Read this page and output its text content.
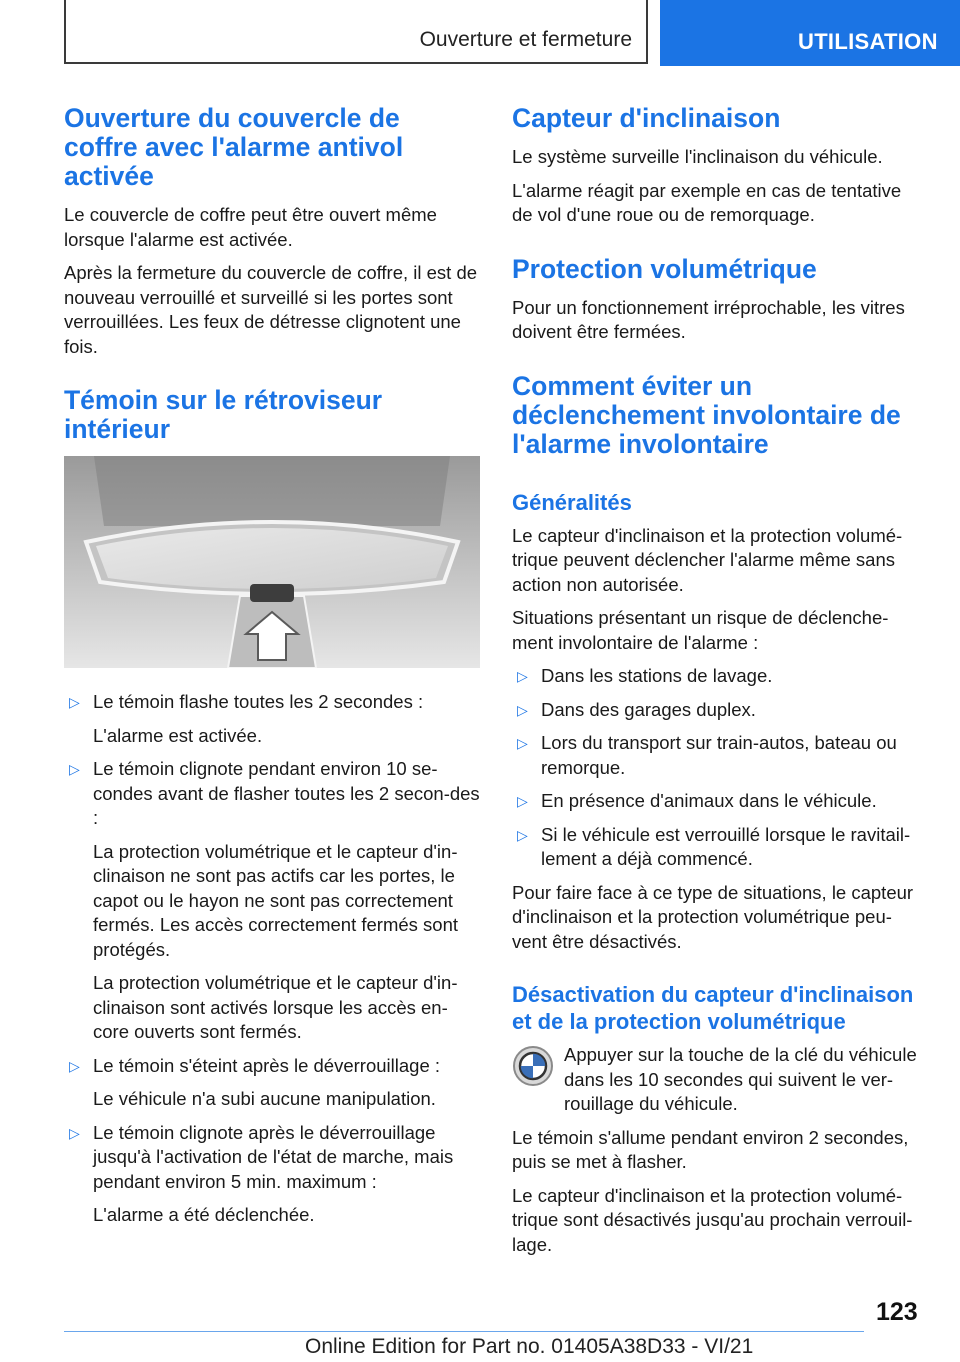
Ouverture et fermeture	UTILISATION
Ouverture du couvercle de coffre avec l'alarme antivol activée

Le couvercle de coffre peut être ouvert même lorsque l'alarme est activée.

Après la fermeture du couvercle de coffre, il est de nouveau verrouillé et surveillé si les portes sont verrouillées. Les feux de détresse clignotent une fois.

Témoin sur le rétroviseur intérieur
▷ Le témoin flashe toutes les 2 secondes :
L'alarme est activée.
▷ Le témoin clignote pendant environ 10 se-condes avant de flasher toutes les 2 secon-des :
La protection volumétrique et le capteur d'in-clinaison ne sont pas actifs car les portes, le capot ou le hayon ne sont pas correctement fermés. Les accès correctement fermés sont protégés.
La protection volumétrique et le capteur d'in-clinaison sont activés lorsque les accès en-core ouverts sont fermés.
▷ Le témoin s'éteint après le déverrouillage :
Le véhicule n'a subi aucune manipulation.
▷ Le témoin clignote après le déverrouillage jusqu'à l'activation de l'état de marche, mais pendant environ 5 min. maximum :
L'alarme a été déclenchée.
Capteur d'inclinaison

Le système surveille l'inclinaison du véhicule.

L'alarme réagit par exemple en cas de tentative de vol d'une roue ou de remorquage.

Protection volumétrique

Pour un fonctionnement irréprochable, les vitres doivent être fermées.

Comment éviter un déclenchement involontaire de l'alarme involontaire
Généralités

Le capteur d'inclinaison et la protection volumé-trique peuvent déclencher l'alarme même sans action non autorisée.

Situations présentant un risque de déclenche-ment involontaire de l'alarme :

▷ Dans les stations de lavage.
▷ Dans des garages duplex.
▷ Lors du transport sur train-autos, bateau ou remorque.
▷ En présence d'animaux dans le véhicule.
▷ Si le véhicule est verrouillé lorsque le ravitail-lement a déjà commencé.

Pour faire face à ce type de situations, le capteur d'inclinaison et la protection volumétrique peu-vent être désactivés.

Désactivation du capteur d'inclinaison et de la protection volumétrique

Appuyer sur la touche de la clé du véhicule dans les 10 secondes qui suivent le ver-rouillage du véhicule.

Le témoin s'allume pendant environ 2 secondes, puis se met à flasher.

Le capteur d'inclinaison et la protection volumé-trique sont désactivés jusqu'au prochain verrouil-lage.

123
Online Edition for Part no. 01405A38D33 - VI/21
